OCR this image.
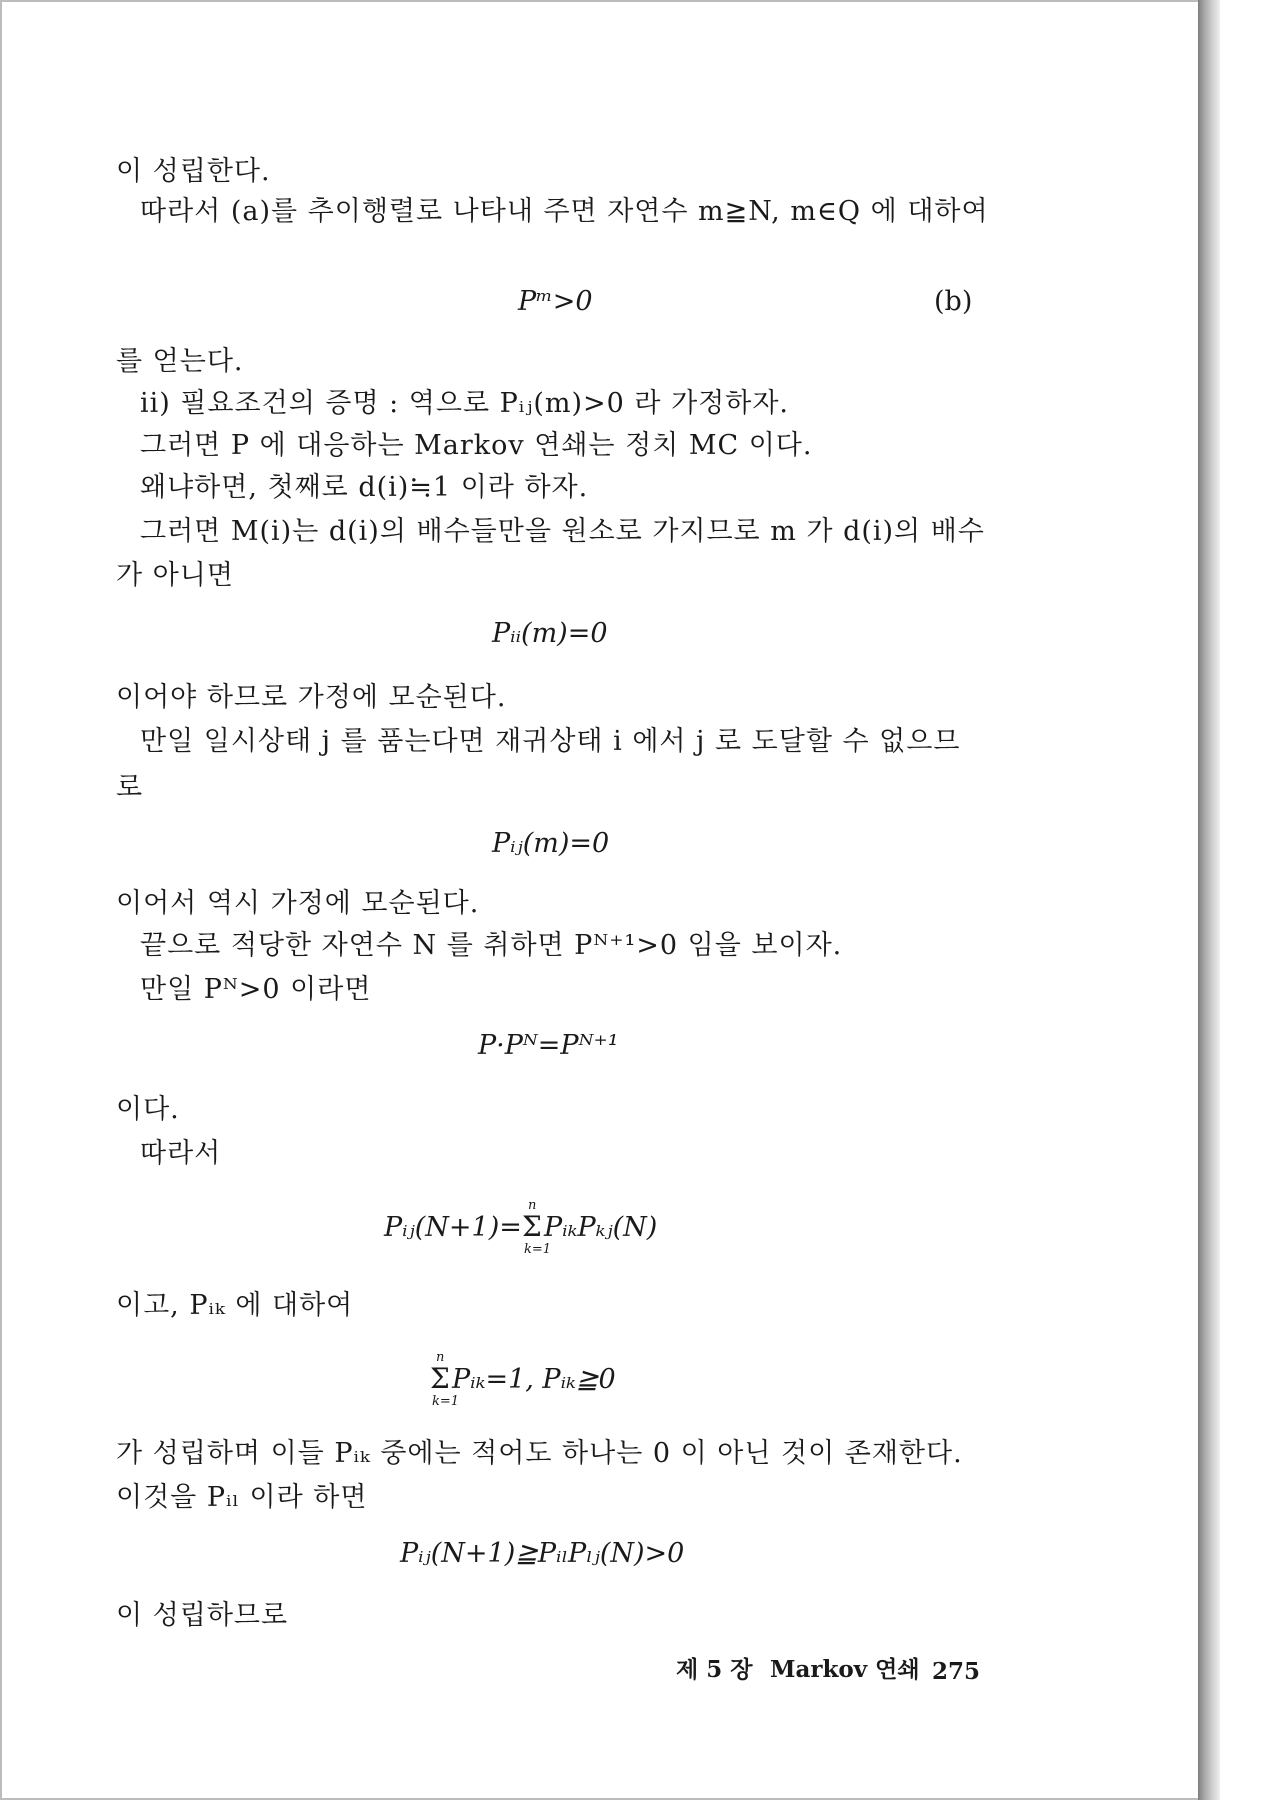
이 성립한다.
따라서 (a)를 추이행렬로 나타내 주면 자연수 m≧N, m∈Q 에 대하여
Pᵐ>0	(b)
를 얻는다.
ii) 필요조건의 증명 : 역으로 Pᵢⱼ(m)>0 라 가정하자.
그러면 P 에 대응하는 Markov 연쇄는 정치 MC 이다.
왜냐하면, 첫째로 d(i)≒1 이라 하자.
그러면 M(i)는 d(i)의 배수들만을 원소로 가지므로 m 가 d(i)의 배수
가 아니면
Pᵢᵢ(m)=0
이어야 하므로 가정에 모순된다.
만일 일시상태 j 를 품는다면 재귀상태 i 에서 j 로 도달할 수 없으므
로
Pᵢⱼ(m)=0
이어서 역시 가정에 모순된다.
끝으로 적당한 자연수 N 를 취하면 Pᴺ⁺¹>0 임을 보이자.
만일 Pᴺ>0 이라면
P·Pᴺ=Pᴺ⁺¹
이다.
따라서
Pᵢⱼ(N+1)= Σ
n
k=1
PᵢₖPₖⱼ(N)
이고, Pᵢₖ 에 대하여
Σ
n
k=1
Pᵢₖ=1, Pᵢₖ≧0
가 성립하며 이들 Pᵢₖ 중에는 적어도 하나는 0 이 아닌 것이 존재한다.
이것을 Pᵢₗ 이라 하면
Pᵢⱼ(N+1)≧PᵢₗPₗⱼ(N)>0
이 성립하므로
제 5 장 Markov 연쇄 275
